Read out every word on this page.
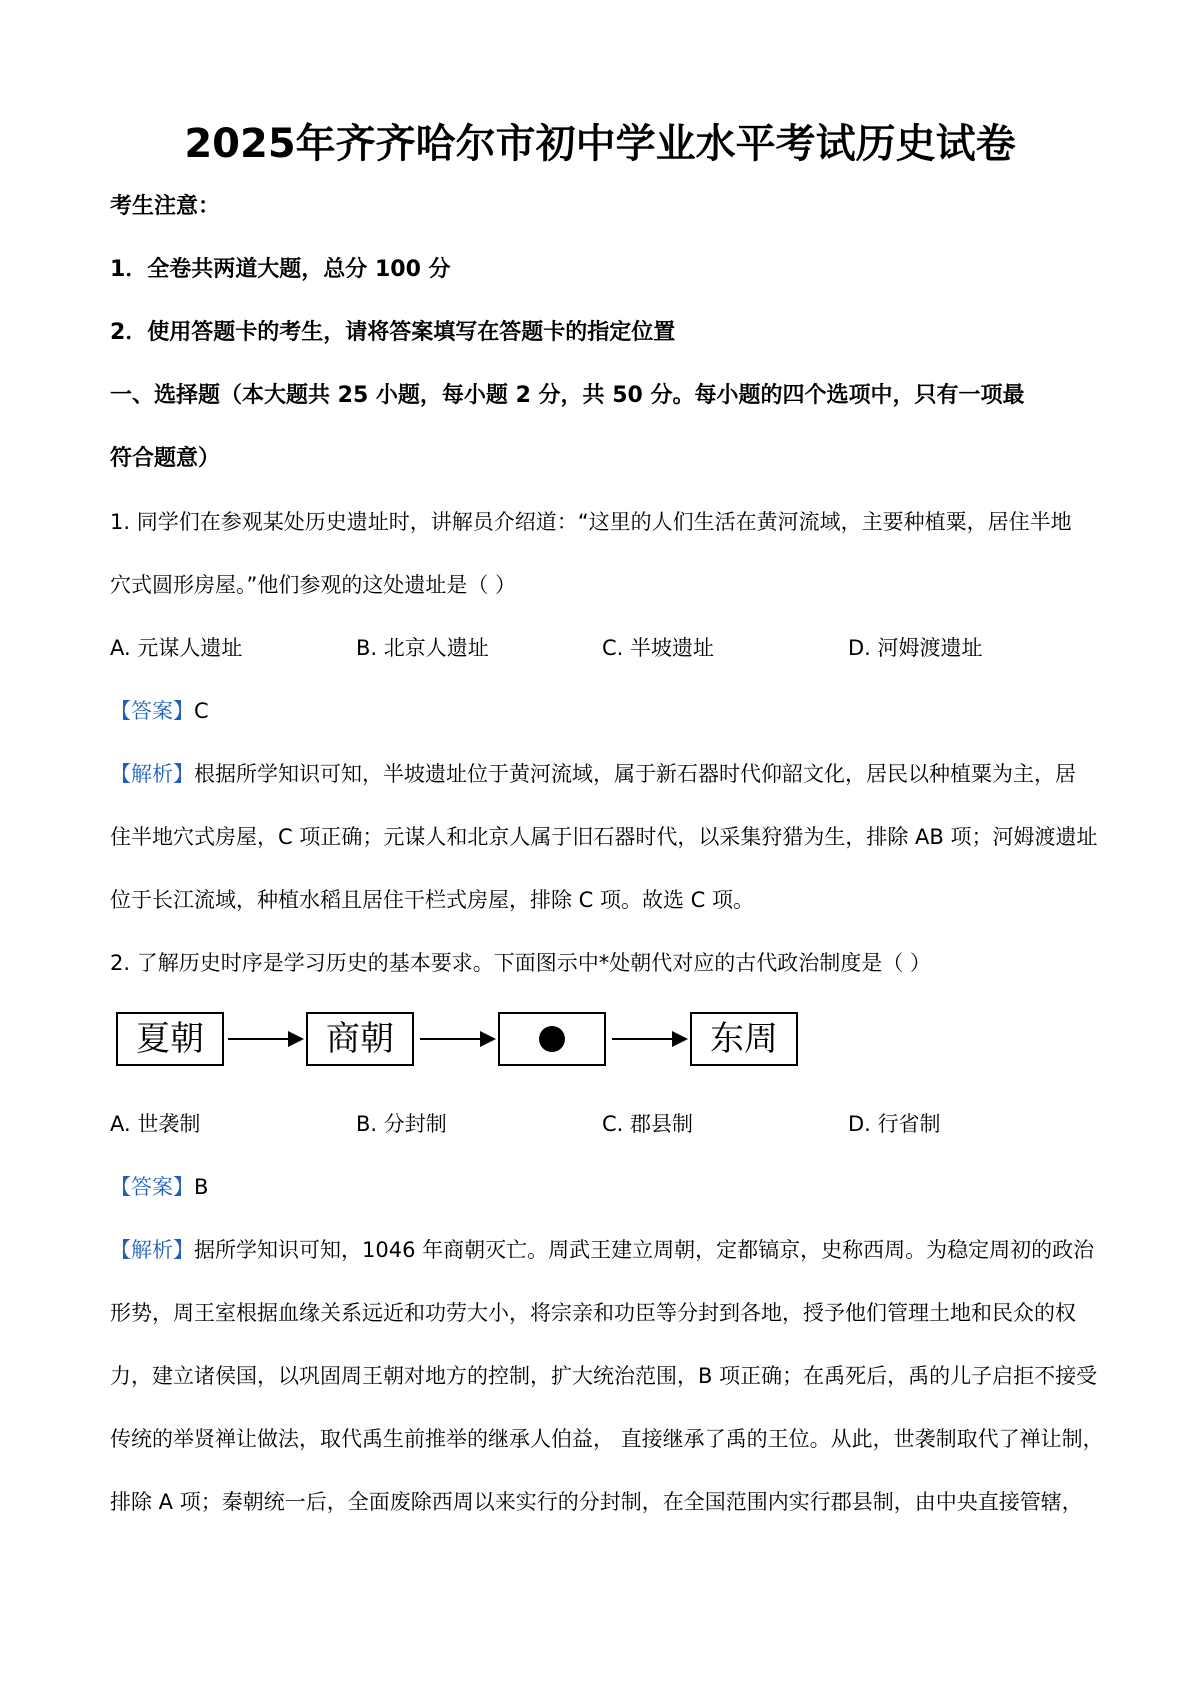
2025年齐齐哈尔市初中学业水平考试历史试卷
考生注意：
1．全卷共两道大题，总分 100 分
2．使用答题卡的考生，请将答案填写在答题卡的指定位置
一、选择题（本大题共 25 小题，每小题 2 分，共 50 分。每小题的四个选项中，只有一项最
符合题意）
1. 同学们在参观某处历史遗址时，讲解员介绍道：“这里的人们生活在黄河流域，主要种植粟，居住半地
穴式圆形房屋。”他们参观的这处遗址是（ ）
A. 元谋人遗址	B. 北京人遗址	C. 半坡遗址	D. 河姆渡遗址
【答案】C
【解析】根据所学知识可知，半坡遗址位于黄河流域，属于新石器时代仰韶文化，居民以种植粟为主，居
住半地穴式房屋，C 项正确；元谋人和北京人属于旧石器时代，以采集狩猎为生，排除 AB 项；河姆渡遗址
位于长江流域，种植水稻且居住干栏式房屋，排除 C 项。故选 C 项。
2. 了解历史时序是学习历史的基本要求。下面图示中*处朝代对应的古代政治制度是（ ）
夏朝	商朝	东周
A. 世袭制	B. 分封制	C. 郡县制	D. 行省制
【答案】B
【解析】据所学知识可知，1046 年商朝灭亡。周武王建立周朝，定都镐京，史称西周。为稳定周初的政治
形势，周王室根据血缘关系远近和功劳大小，将宗亲和功臣等分封到各地，授予他们管理土地和民众的权
力，建立诸侯国，以巩固周王朝对地方的控制，扩大统治范围，B 项正确；在禹死后，禹的儿子启拒不接受
传统的举贤禅让做法，取代禹生前推举的继承人伯益， 直接继承了禹的王位。从此，世袭制取代了禅让制，
排除 A 项；秦朝统一后，全面废除西周以来实行的分封制，在全国范围内实行郡县制，由中央直接管辖，
